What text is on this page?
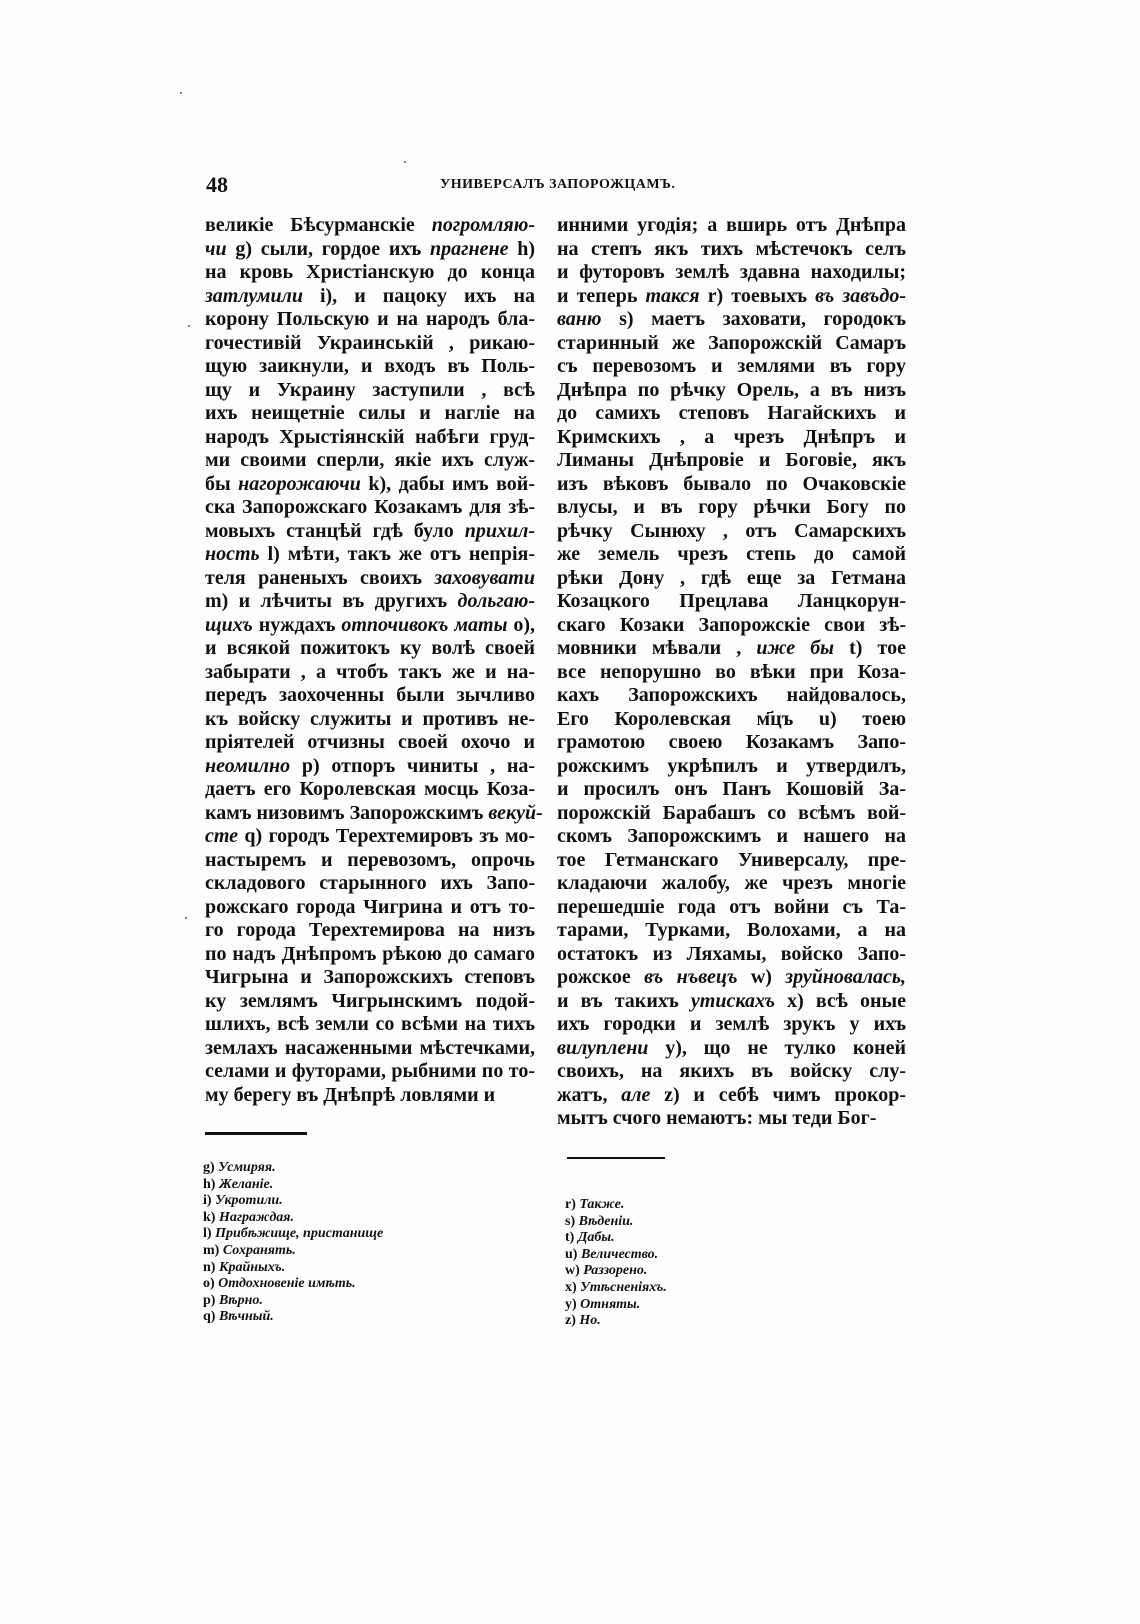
48	УНИВЕРСАЛЪ ЗАПОРОЖЦАМЪ.
великіе Бѣсурманскіе погромляю-
чи g) сыли, гордое ихъ прагнене h)
на кровь Христіанскую до конца
затлумили i), и пацоку ихъ на
корону Польскую и на народъ бла-
гочестивій Украинській , рикаю-
щую заикнули, и входъ въ Поль-
щу и Украину заступили , всѣ
ихъ неищетніе силы и нагліе на
народъ Хрыстіянскій набѣги груд-
ми своими сперли, якіе ихъ служ-
бы нагорожаючи k), дабы имъ вой-
ска Запорожскаго Козакамъ для зѣ-
мовыхъ станцѣй гдѣ було прихил-
ность l) мѣти, такъ же отъ непрія-
теля раненыхъ своихъ заховувати
m) и лѣчиты въ другихъ дольгаю-
щихъ нуждахъ отпочивокъ маты o),
и всякой пожитокъ ку волѣ своей
забырати , а чтобъ такъ же и на-
передъ заохоченны были зычливо
къ войску служиты и противъ не-
пріятелей отчизны своей охочо и
неомилно p) отпоръ чиниты , на-
даетъ его Королевская мосць Коза-
камъ низовимъ Запорожскимъ векуй-
сте q) городъ Терехтемировъ зъ мо-
настыремъ и перевозомъ, опрочь
складового старынного ихъ Запо-
рожскаго города Чигрина и отъ то-
го города Терехтемирова на низъ
по надъ Днѣпромъ рѣкою до самаго
Чигрына и Запорожскихъ степовъ
ку землямъ Чигрынскимъ подой-
шлихъ, всѣ земли со всѣми на тихъ
землахъ насаженными мѣстечками,
селами и футорами, рыбними по то-
му берегу въ Днѣпрѣ ловлями и
инними угодія; а вширь отъ Днѣпра
на степъ якъ тихъ мѣстечокъ селъ
и футоровъ землѣ здавна находилы;
и теперь такся r) тоевыхъ въ завъдо-
ваню s) маетъ заховати, городокъ
старинный же Запорожскій Самаръ
съ перевозомъ и землями въ гору
Днѣпра по рѣчку Орель, а въ низъ
до самихъ степовъ Нагайскихъ и
Кримскихъ , а чрезъ Днѣпръ и
Лиманы Днѣпровіе и Боговіе, якъ
изъ вѣковъ бывало по Очаковскіе
влусы, и въ гору рѣчки Богу по
рѣчку Сынюху , отъ Самарскихъ
же земель чрезъ степь до самой
рѣки Дону , гдѣ еще за Гетмана
Козацкого Прецлава Ланцкорун-
скаго Козаки Запорожскіе свои зѣ-
мовники мѣвали , иже бы t) тое
все непорушно во вѣки при Коза-
кахъ Запорожскихъ найдовалось,
Его Королевская м҃цъ u) тоею
грамотою своею Козакамъ Запо-
рожскимъ укрѣпилъ и утвердилъ,
и просилъ онъ Панъ Кошовій За-
порожскій Барабашъ со всѣмъ вой-
скомъ Запорожскимъ и нашего на
тое Гетманскаго Универсалу, пре-
кладаючи жалобу, же чрезъ многіе
перешедшіе года отъ войни съ Та-
тарами, Турками, Волохами, а на
остатокъ из Ляхамы, войско Запо-
рожское въ нъвецъ w) зруйновалась,
и въ такихъ утискахъ x) всѣ оные
ихъ городки и землѣ зрукъ у ихъ
вилуплени y), що не тулко коней
своихъ, на якихъ въ войску слу-
жатъ, але z) и себѣ чимъ прокор-
мытъ счого немаютъ: мы теди Бог-
g) Усмиряя.
h) Желаніе.
i) Укротили.
k) Награждая.
l) Прибѣжище, пристанище
m) Сохранять.
n) Крайныхъ.
o) Отдохновеніе имѣть.
p) Вѣрно.
q) Вѣчный.
r) Также.
s) Вѣденіи.
t) Дабы.
u) Величество.
w) Раззорено.
x) Утѣсненіяхъ.
y) Отняты.
z) Но.
